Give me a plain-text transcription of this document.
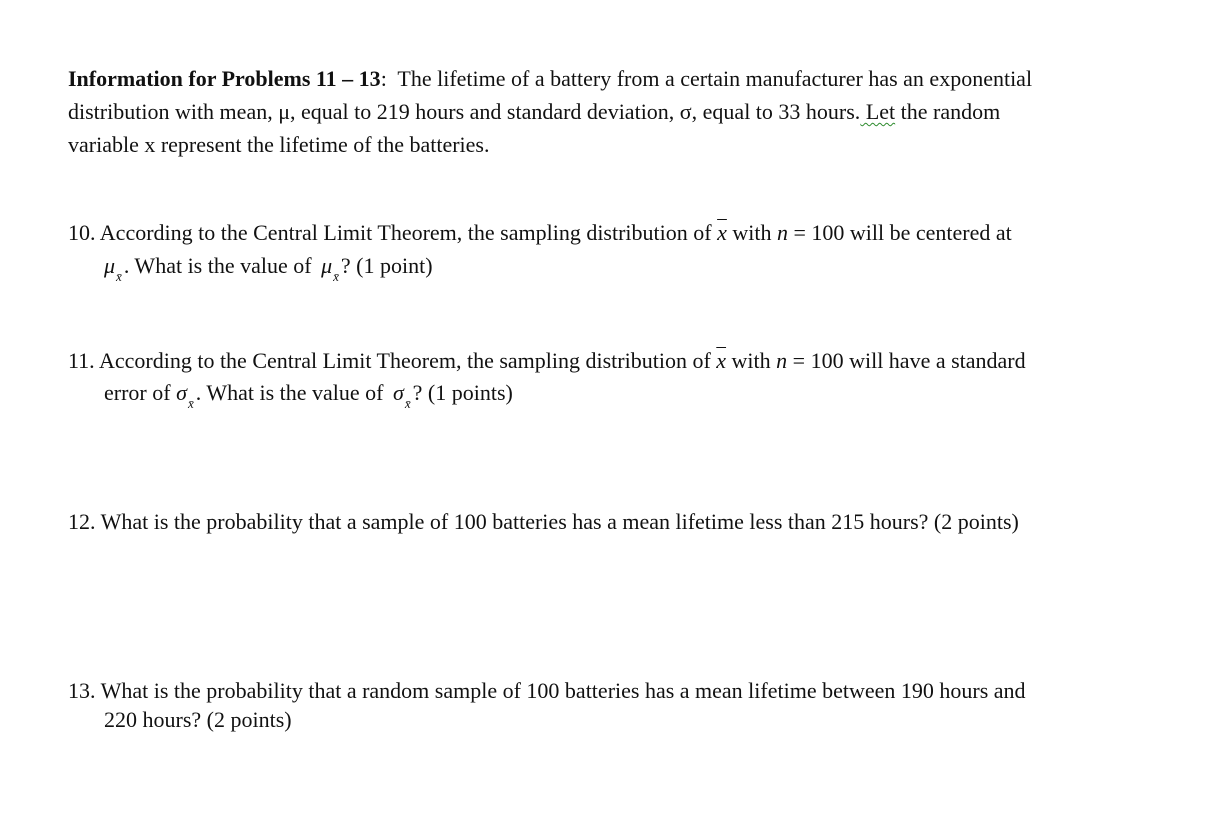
Information for Problems 11 – 13:  The lifetime of a battery from a certain manufacturer has an exponential
distribution with mean, μ, equal to 219 hours and standard deviation, σ, equal to 33 hours. Let the random
variable x represent the lifetime of the batteries.
10. According to the Central Limit Theorem, the sampling distribution of $\overline{x}$ with n = 100 will be centered at
$\mu_{x̄}$. What is the value of $\mu_{x̄}$? (1 point)
11. According to the Central Limit Theorem, the sampling distribution of $\overline{x}$ with n = 100 will have a standard
error of $\sigma_{x̄}$. What is the value of $\sigma_{x̄}$? (1 points)
12. What is the probability that a sample of 100 batteries has a mean lifetime less than 215 hours? (2 points)
13. What is the probability that a random sample of 100 batteries has a mean lifetime between 190 hours and
220 hours? (2 points)
